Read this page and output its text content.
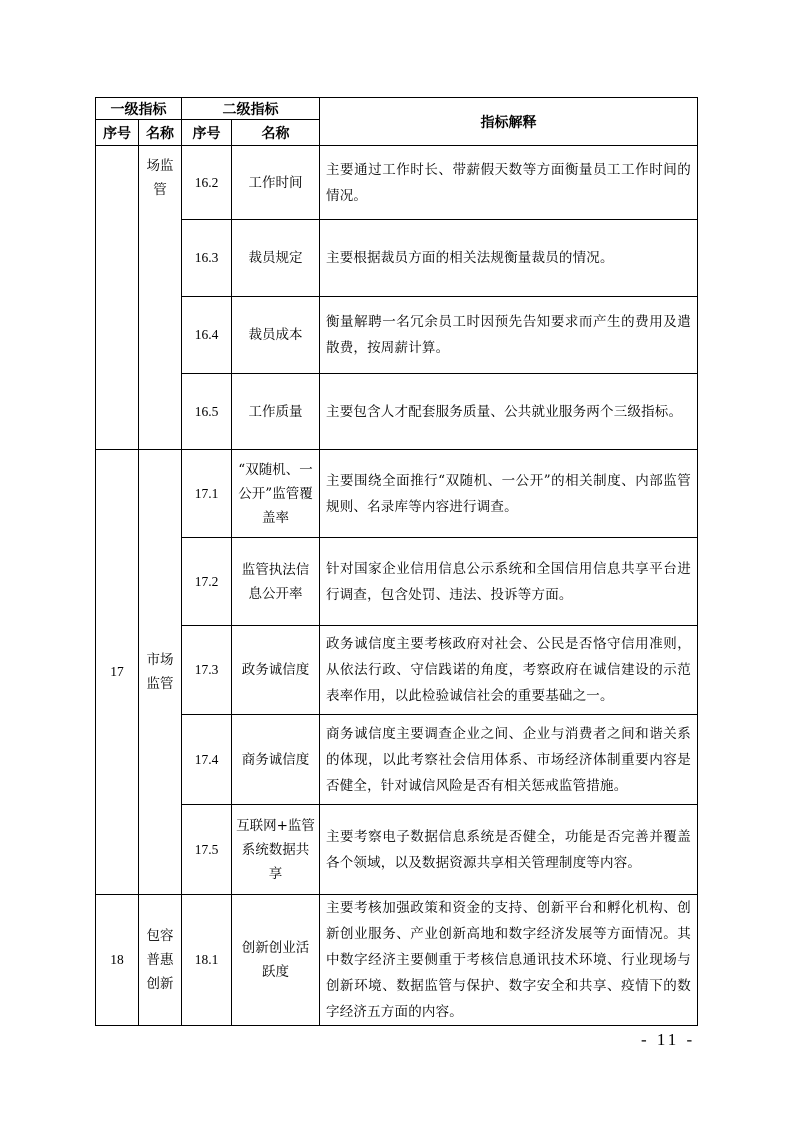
一级指标		二级指标		指标解释
序号	名称	序号	名称	

	场监管	16.2	工作时间	主要通过工作时长、带薪假天数等方面衡量员工工作时间的情况。
		16.3	裁员规定	主要根据裁员方面的相关法规衡量裁员的情况。
		16.4	裁员成本	衡量解聘一名冗余员工时因预先告知要求而产生的费用及遣散费，按周薪计算。
		16.5	工作质量	主要包含人才配套服务质量、公共就业服务两个三级指标。
17	市场监管	17.1	“双随机、一公开”监管覆盖率	主要围绕全面推行“双随机、一公开”的相关制度、内部监管规则、名录库等内容进行调查。
		17.2	监管执法信息公开率	针对国家企业信用信息公示系统和全国信用信息共享平台进行调查，包含处罚、违法、投诉等方面。
		17.3	政务诚信度	政务诚信度主要考核政府对社会、公民是否恪守信用准则，从依法行政、守信践诺的角度，考察政府在诚信建设的示范表率作用，以此检验诚信社会的重要基础之一。
		17.4	商务诚信度	商务诚信度主要调查企业之间、企业与消费者之间和谐关系的体现，以此考察社会信用体系、市场经济体制重要内容是否健全，针对诚信风险是否有相关惩戒监管措施。
		17.5	互联网+监管系统数据共享	主要考察电子数据信息系统是否健全，功能是否完善并覆盖各个领域，以及数据资源共享相关管理制度等内容。
18	包容普惠创新	18.1	创新创业活跃度	主要考核加强政策和资金的支持、创新平台和孵化机构、创新创业服务、产业创新高地和数字经济发展等方面情况。其中数字经济主要侧重于考核信息通讯技术环境、行业现场与创新环境、数据监管与保护、数字安全和共享、疫情下的数字经济五方面的内容。
- 11 -
